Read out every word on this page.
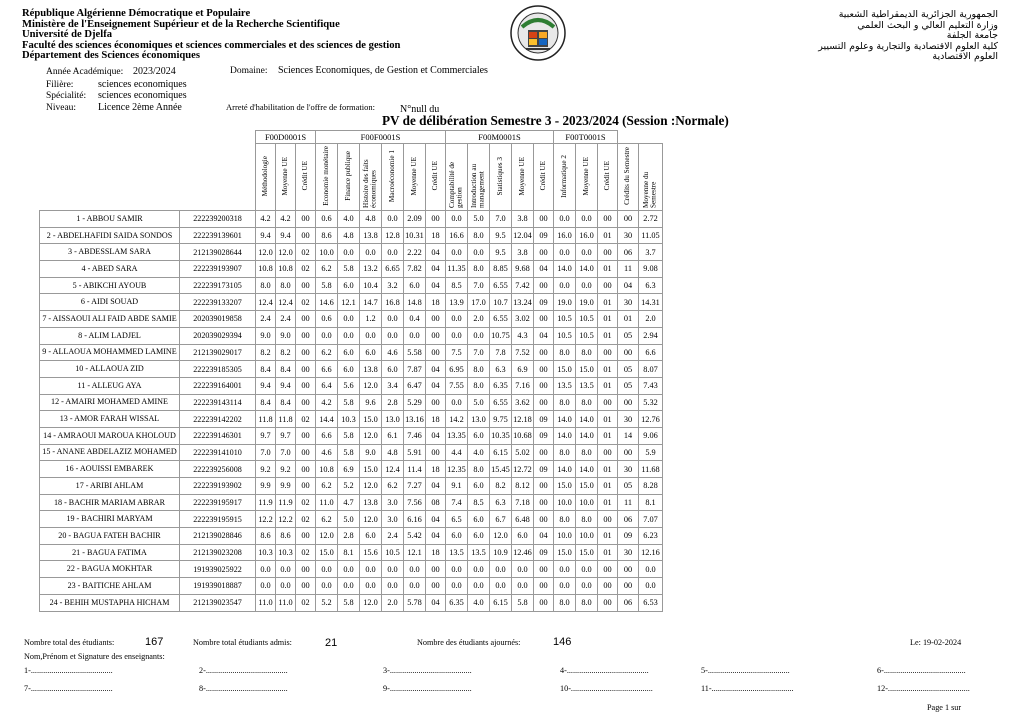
République Algérienne Démocratique et Populaire
Ministère de l'Enseignement Supérieur et de la Recherche Scientifique
Université de Djelfa
Faculté des sciences économiques et sciences commerciales et des sciences de gestion
Département des Sciences économiques
الجمهورية الجزائرية الديمقراطية الشعبية
وزارة التعليم العالي و البحث العلمي
جامعة الجلفة
كلية العلوم الاقتصادية والتجارية وعلوم التسيير
العلوم الاقتصادية
Année Académique: 2023/2024	Domaine: Sciences Economiques, de Gestion et Commerciales
Filière: sciences economiques
Spécialité: sciences economiques
Niveau: Licence 2ème Année	Arreté d'habilitation de l'offre de formation: N°null du
PV de délibération Semestre 3 - 2023/2024 (Session :Normale)
		F00D0001S			F00F0001S						F00M0001S					F00T0001S				
		Méthodologie	Moyenne UE	Crédit UE	Economie monétaire	Finance publique	Histoire des faits économiques	Macroéconomie 1	Moyenne UE	Crédit UE	Comptabilité de gestion	Introduction au management	Statistiques 3	Moyenne UE	Crédit UE	Informatique 2	Moyenne UE	Crédit UE	Crédits du Semestre	Moyenne du Semestre
1 - ABBOU SAMIR	222239200318	4.2	4.2	00	0.6	4.0	4.8	0.0	2.09	00	0.0	5.0	7.0	3.8	00	0.0	0.0	00	00	2.72
2 - ABDELHAFIDI SAIDA SONDOS	222239139601	9.4	9.4	00	8.6	4.8	13.8	12.8	10.31	18	16.6	8.0	9.5	12.04	09	16.0	16.0	01	30	11.05
3 - ABDESSLAM SARA	212139028644	12.0	12.0	02	10.0	0.0	0.0	0.0	2.22	04	0.0	0.0	9.5	3.8	00	0.0	0.0	00	06	3.7
4 - ABED SARA	222239193907	10.8	10.8	02	6.2	5.8	13.2	6.65	7.82	04	11.35	8.0	8.85	9.68	04	14.0	14.0	01	11	9.08
5 - ABIKCHI AYOUB	222239173105	8.0	8.0	00	5.8	6.0	10.4	3.2	6.0	04	8.5	7.0	6.55	7.42	00	0.0	0.0	00	04	6.3
6 - AIDI SOUAD	222239133207	12.4	12.4	02	14.6	12.1	14.7	16.8	14.8	18	13.9	17.0	10.7	13.24	09	19.0	19.0	01	30	14.31
7 - AISSAOUI ALI FAID ABDE SAMIE	202039019858	2.4	2.4	00	0.6	0.0	1.2	0.0	0.4	00	0.0	2.0	6.55	3.02	00	10.5	10.5	01	01	2.0
8 - ALIM LADJEL	202039029394	9.0	9.0	00	0.0	0.0	0.0	0.0	0.0	00	0.0	0.0	10.75	4.3	04	10.5	10.5	01	05	2.94
9 - ALLAOUA MOHAMMED LAMINE	212139029017	8.2	8.2	00	6.2	6.0	6.0	4.6	5.58	00	7.5	7.0	7.8	7.52	00	8.0	8.0	00	00	6.6
10 - ALLAOUA ZID	222239185305	8.4	8.4	00	6.6	6.0	13.8	6.0	7.87	04	6.95	8.0	6.3	6.9	00	15.0	15.0	01	05	8.07
11 - ALLEUG AYA	222239164001	9.4	9.4	00	6.4	5.6	12.0	3.4	6.47	04	7.55	8.0	6.35	7.16	00	13.5	13.5	01	05	7.43
12 - AMAIRI MOHAMED AMINE	222239143114	8.4	8.4	00	4.2	5.8	9.6	2.8	5.29	00	0.0	5.0	6.55	3.62	00	8.0	8.0	00	00	5.32
13 - AMOR FARAH WISSAL	222239142202	11.8	11.8	02	14.4	10.3	15.0	13.0	13.16	18	14.2	13.0	9.75	12.18	09	14.0	14.0	01	30	12.76
14 - AMRAOUI MAROUA KHOLOUD	222239146301	9.7	9.7	00	6.6	5.8	12.0	6.1	7.46	04	13.35	6.0	10.35	10.68	09	14.0	14.0	01	14	9.06
15 - ANANE ABDELAZIZ MOHAMED	222239141010	7.0	7.0	00	4.6	5.8	9.0	4.8	5.91	00	4.4	4.0	6.15	5.02	00	8.0	8.0	00	00	5.9
16 - AOUISSI EMBAREK	222239256008	9.2	9.2	00	10.8	6.9	15.0	12.4	11.4	18	12.35	8.0	15.45	12.72	09	14.0	14.0	01	30	11.68
17 - ARIBI AHLAM	222239193902	9.9	9.9	00	6.2	5.2	12.0	6.2	7.27	04	9.1	6.0	8.2	8.12	00	15.0	15.0	01	05	8.28
18 - BACHIR MARIAM ABRAR	222239195917	11.9	11.9	02	11.0	4.7	13.8	3.0	7.56	08	7.4	8.5	6.3	7.18	00	10.0	10.0	01	11	8.1
19 - BACHIRI MARYAM	222239195915	12.2	12.2	02	6.2	5.0	12.0	3.0	6.16	04	6.5	6.0	6.7	6.48	00	8.0	8.0	00	06	7.07
20 - BAGUA FATEH BACHIR	212139028846	8.6	8.6	00	12.0	2.8	6.0	2.4	5.42	04	6.0	6.0	12.0	6.0	04	10.0	10.0	01	09	6.23
21 - BAGUA FATIMA	212139023208	10.3	10.3	02	15.0	8.1	15.6	10.5	12.1	18	13.5	13.5	10.9	12.46	09	15.0	15.0	01	30	12.16
22 - BAGUA MOKHTAR	191939025922	0.0	0.0	00	0.0	0.0	0.0	0.0	0.0	00	0.0	0.0	0.0	0.0	00	0.0	0.0	00	00	0.0
23 - BAITICHE AHLAM	191939018887	0.0	0.0	00	0.0	0.0	0.0	0.0	0.0	00	0.0	0.0	0.0	0.0	00	0.0	0.0	00	00	0.0
24 - BEHIH MUSTAPHA HICHAM	212139023547	11.0	11.0	02	5.2	5.8	12.0	2.0	5.78	04	6.35	4.0	6.15	5.8	00	8.0	8.0	00	06	6.53
Nombre total des étudiants:	167	Nombre total étudiants admis:	21	Nombre des étudiants ajournés:	146	Le: 19-02-2024
Nom,Prénom et Signature des enseignants:
1-........................................	2-........................................	3-........................................	4-........................................	5-........................................	6-........................................
7-........................................	8-........................................	9-........................................	10-........................................	11-........................................	12-........................................
Page 1 sur
